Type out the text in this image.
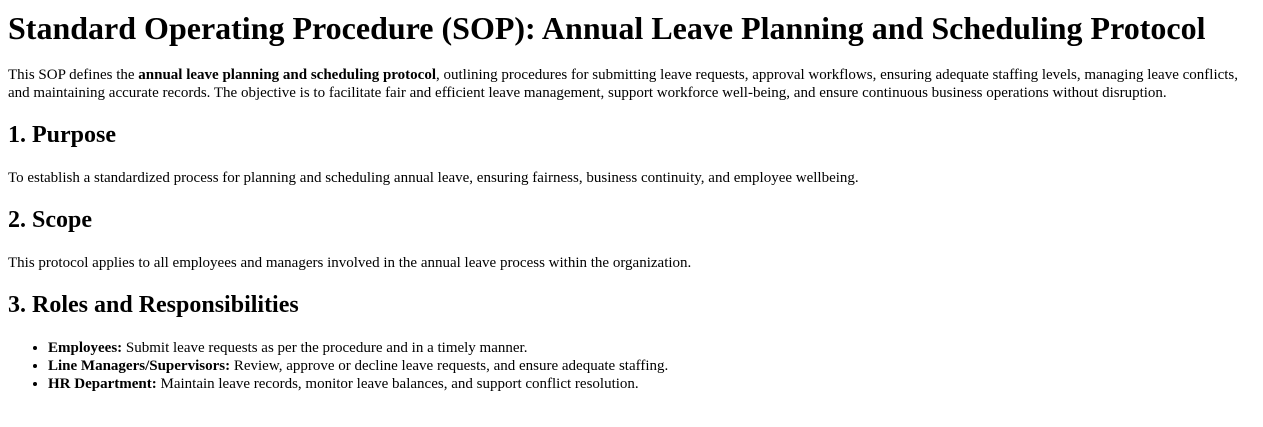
Standard Operating Procedure (SOP): Annual Leave Planning and Scheduling Protocol

This SOP defines the annual leave planning and scheduling protocol, outlining procedures for submitting leave requests, approval workflows, ensuring adequate staffing levels, managing leave conflicts, and maintaining accurate records. The objective is to facilitate fair and efficient leave management, support workforce well-being, and ensure continuous business operations without disruption.

1. Purpose

To establish a standardized process for planning and scheduling annual leave, ensuring fairness, business continuity, and employee wellbeing.

2. Scope

This protocol applies to all employees and managers involved in the annual leave process within the organization.

3. Roles and Responsibilities
• Employees: Submit leave requests as per the procedure and in a timely manner.
• Line Managers/Supervisors: Review, approve or decline leave requests, and ensure adequate staffing.
• HR Department: Maintain leave records, monitor leave balances, and support conflict resolution.
